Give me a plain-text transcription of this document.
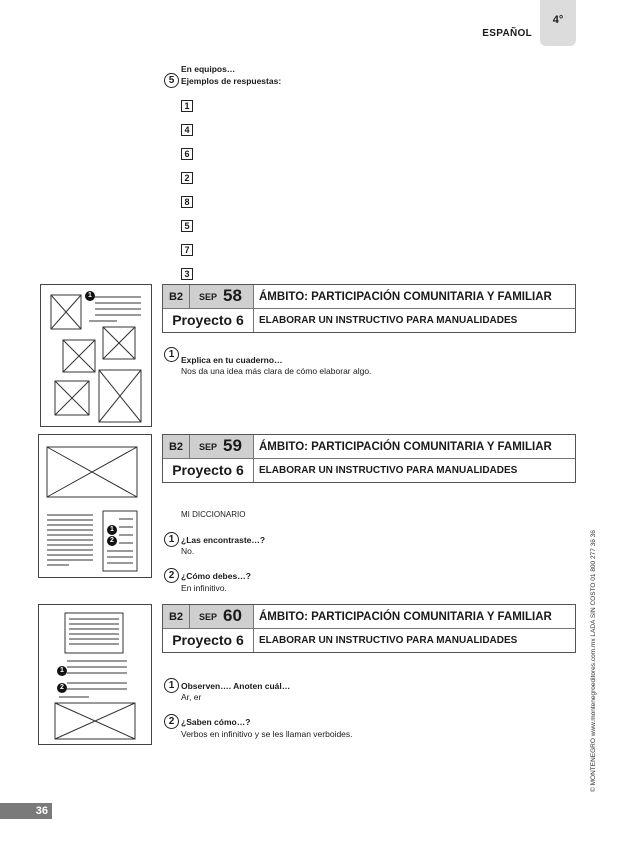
ESPAÑOL
4°
5
En equipos…
Ejemplos de respuestas:
1
4
6
2
8
5
7
3
1	B2	SEP 58	ÁMBITO: PARTICIPACIÓN COMUNITARIA Y FAMILIAR
Proyecto 6	ELABORAR UN INSTRUCTIVO PARA MANUALIDADES
1 Explica en tu cuaderno…
Nos da una idea más clara de cómo elaborar algo.
1
2
B2	SEP 59	ÁMBITO: PARTICIPACIÓN COMUNITARIA Y FAMILIAR
Proyecto 6	ELABORAR UN INSTRUCTIVO PARA MANUALIDADES
MI DICCIONARIO
1 ¿Las encontraste…?
No.
2 ¿Cómo debes…?
En infinitivo.
1
2
B2	SEP 60	ÁMBITO: PARTICIPACIÓN COMUNITARIA Y FAMILIAR
Proyecto 6	ELABORAR UN INSTRUCTIVO PARA MANUALIDADES
1 Observen…. Anoten cuál…
Ar, er
2 ¿Saben cómo…?
Verbos en infinitivo y se les llaman verboides.	© MONTENEGRO www.montenegroeditores.com.mx LADA SIN COSTO 01 800 277 36 36
36
